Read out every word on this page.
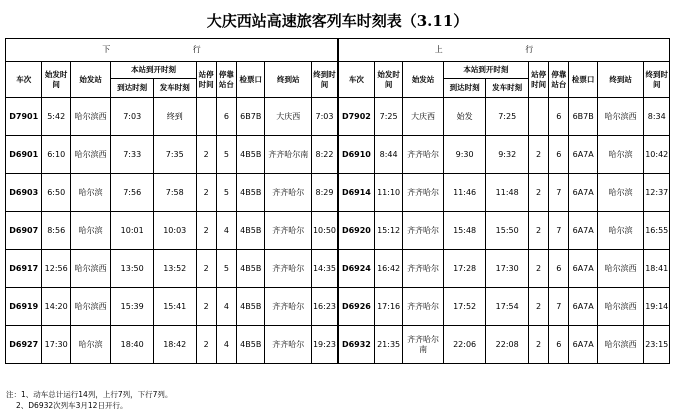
大庆西站高速旅客列车时刻表（3.11）
下 行										上 行									
车次	始发时间	始发站	本站到开时刻		站停时间	停靠站台	检票口	终到站	终到时间	车次	始发时间	始发站	本站到开时刻		站停时间	停靠站台	检票口	终到站	终到时间
			到达时刻	发车时刻									到达时刻	发车时刻					
D7901	5:42	哈尔滨西	7:03	终到		6	6B7B	大庆西	7:03	D7902	7:25	大庆西	始发	7:25		6	6B7B	哈尔滨西	8:34
D6901	6:10	哈尔滨西	7:33	7:35	2	5	4B5B	齐齐哈尔南	8:22	D6910	8:44	齐齐哈尔	9:30	9:32	2	6	6A7A	哈尔滨	10:42
D6903	6:50	哈尔滨	7:56	7:58	2	5	4B5B	齐齐哈尔	8:29	D6914	11:10	齐齐哈尔	11:46	11:48	2	7	6A7A	哈尔滨	12:37
D6907	8:56	哈尔滨	10:01	10:03	2	4	4B5B	齐齐哈尔	10:50	D6920	15:12	齐齐哈尔	15:48	15:50	2	7	6A7A	哈尔滨	16:55
D6917	12:56	哈尔滨西	13:50	13:52	2	5	4B5B	齐齐哈尔	14:35	D6924	16:42	齐齐哈尔	17:28	17:30	2	6	6A7A	哈尔滨西	18:41
D6919	14:20	哈尔滨西	15:39	15:41	2	4	4B5B	齐齐哈尔	16:23	D6926	17:16	齐齐哈尔	17:52	17:54	2	7	6A7A	哈尔滨西	19:14
D6927	17:30	哈尔滨	18:40	18:42	2	4	4B5B	齐齐哈尔	19:23	D6932	21:35	齐齐哈尔南	22:06	22:08	2	6	6A7A	哈尔滨西	23:15
注：1、动车总计运行14列，上行7列，下行7列。
2、D6932次列车3月12日开行。
